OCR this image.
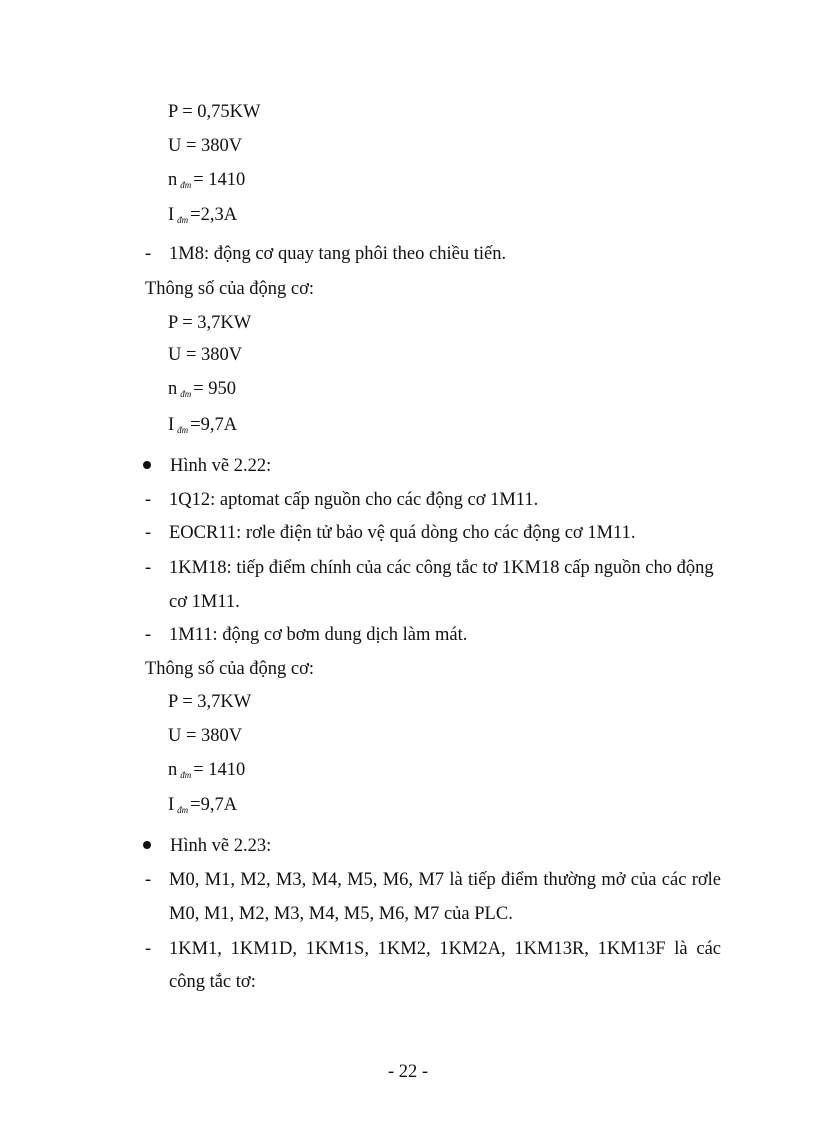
P = 0,75KW
U = 380V
n $_{đm}$ = 1410
I $_{đm}$ =2,3A
- 1M8: động cơ quay tang phôi theo chiều tiến.
Thông số của động cơ:
P = 3,7KW
U = 380V
n $_{đm}$ = 950
I $_{đm}$ =9,7A
Hình vẽ 2.22:
- 1Q12: aptomat cấp nguồn cho các động cơ 1M11.
- EOCR11: rơle điện tử bảo vệ quá dòng cho các động cơ 1M11.
- 1KM18: tiếp điểm chính của các công tắc tơ 1KM18 cấp nguồn cho động
cơ 1M11.
- 1M11: động cơ bơm dung dịch làm mát.
Thông số của động cơ:
P = 3,7KW
U = 380V
n $_{đm}$ = 1410
I $_{đm}$ =9,7A
Hình vẽ 2.23:
- M0, M1, M2, M3, M4, M5, M6, M7 là tiếp điểm thường mở của các rơle
M0, M1, M2, M3, M4, M5, M6, M7 của PLC.
- 1KM1, 1KM1D, 1KM1S, 1KM2, 1KM2A, 1KM13R, 1KM13F là các
công tắc tơ:
- 22 -
